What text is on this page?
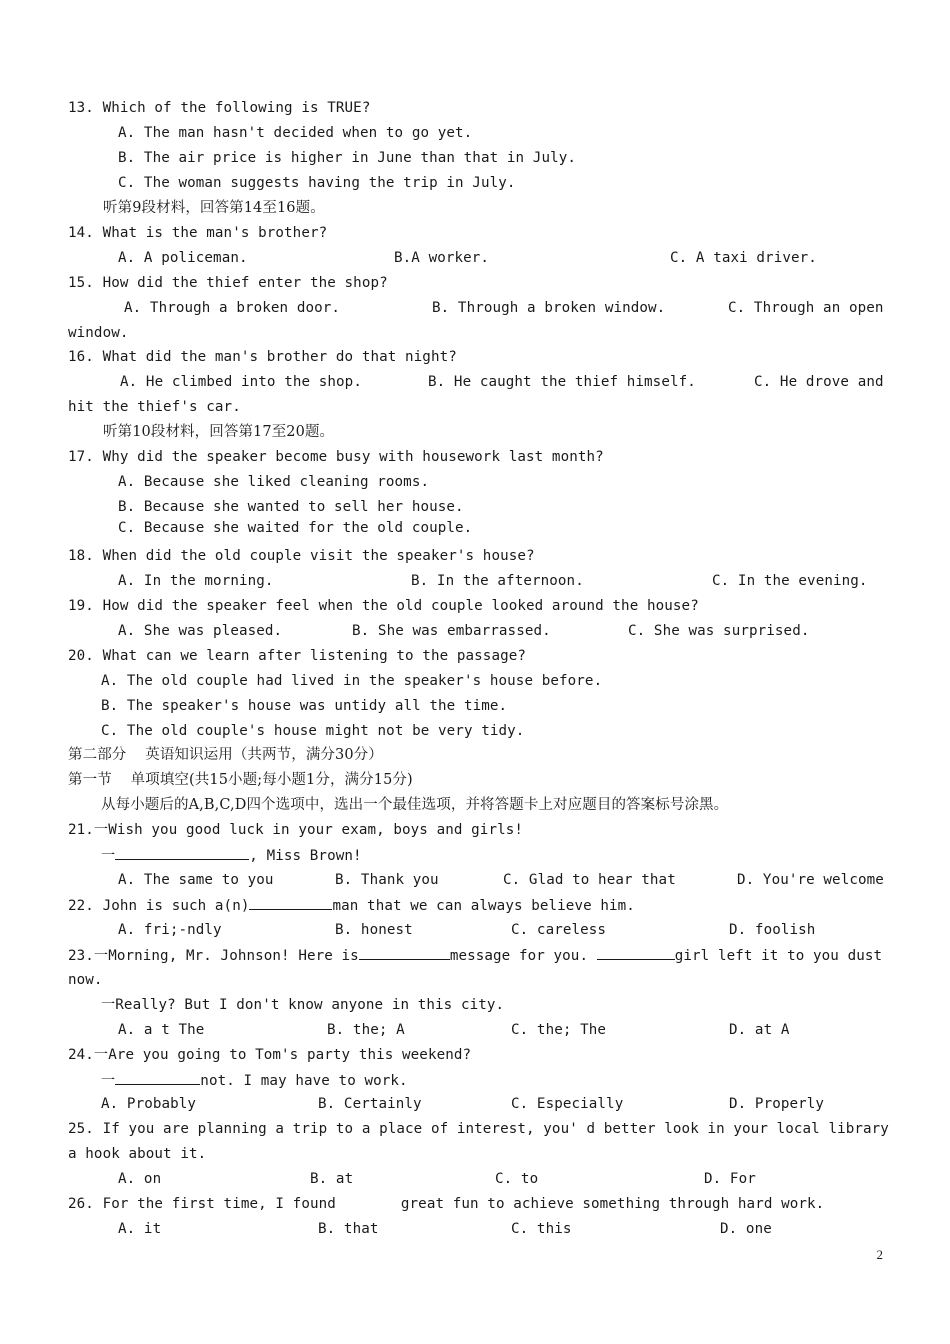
13. Which of the following is TRUE?
A. The man hasn't decided when to go yet.
B. The air price is higher in June than that in July.
C. The woman suggests having the trip in July.
听第9段材料，回答第14至16题。
14. What is the man's brother?
A. A policeman.	B.A worker.	C. A taxi driver.
15. How did the thief enter the shop?
A. Through a broken door.	B. Through a broken window.	C. Through an open
window.
16. What did the man's brother do that night?
A. He climbed into the shop.	B. He caught the thief himself.	C. He drove and
hit the thief's car.
听第10段材料，回答第17至20题。
17. Why did the speaker become busy with housework last month?
A. Because she liked cleaning rooms.
B. Because she wanted to sell her house.
C. Because she waited for the old couple.
18. When did the old couple visit the speaker's house?
A. In the morning.	B. In the afternoon.	C. In the evening.
19. How did the speaker feel when the old couple looked around the house?
A. She was pleased.	B. She was embarrassed.	C. She was surprised.
20. What can we learn after listening to the passage?
A. The old couple had lived in the speaker's house before.
B. The speaker's house was untidy all the time.
C. The old couple's house might not be very tidy.
第二部分    英语知识运用（共两节，满分30分）
第一节    单项填空(共15小题;每小题1分，满分15分)
从每小题后的A,B,C,D四个选项中，选出一个最佳选项，并将答题卡上对应题目的答案标号涂黑。
21.一Wish you good luck in your exam, boys and girls!
一	, Miss Brown!
A. The same to you	B. Thank you	C. Glad to hear that	D. You're welcome
22. John is such a(n)	man that we can always believe him.
A. fri;-ndly	B. honest	C. careless	D. foolish
23.一Morning, Mr. Johnson! Here is	message for you.	girl left it to you dust
now.
一Really? But I don't know anyone in this city.
A. a t The	B. the; A	C. the; The	D. at A
24.一Are you going to Tom's party this weekend?
一	not. I may have to work.
A. Probably	B. Certainly	C. Especially	D. Properly
25. If you are planning a trip to a place of interest, you' d better look in your local library
a hook about it.
A. on	B. at	C. to	D. For
26. For the first time, I found	great fun to achieve something through hard work.
A. it	B. that	C. this	D. one
2
